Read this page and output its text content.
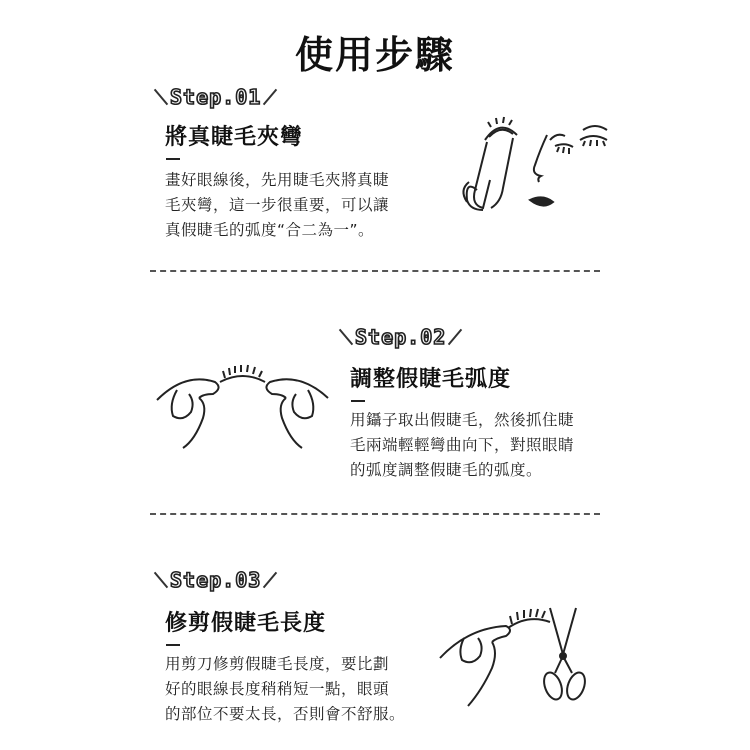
使用步驟
Step.01
將真睫毛夾彎
畫好眼線後，先用睫毛夾將真睫
毛夾彎，這一步很重要，可以讓
真假睫毛的弧度“合二為一”。
Step.02
調整假睫毛弧度
用鑷子取出假睫毛，然後抓住睫
毛兩端輕輕彎曲向下，對照眼睛
的弧度調整假睫毛的弧度。
Step.03
修剪假睫毛長度
用剪刀修剪假睫毛長度，要比劃
好的眼線長度稍稍短一點，眼頭
的部位不要太長，否則會不舒服。
